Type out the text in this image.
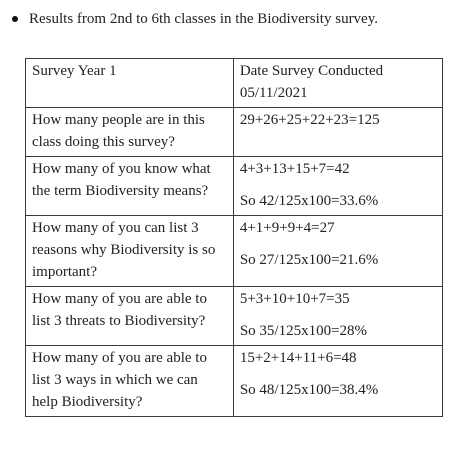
Results from 2nd to 6th classes in the Biodiversity survey.
Survey Year 1	Date Survey Conducted
05/11/2021

How many people are in this
class doing this survey?	29+26+25+22+23=125

How many of you know what
the term Biodiversity means?	4+3+13+15+7=42
So 42/125x100=33.6%

How many of you can list 3
reasons why Biodiversity is so
important?	4+1+9+9+4=27
So 27/125x100=21.6%

How many of you are able to
list 3 threats to Biodiversity?	5+3+10+10+7=35
So 35/125x100=28%

How many of you are able to
list 3 ways in which we can
help Biodiversity?	15+2+14+11+6=48
So 48/125x100=38.4%
